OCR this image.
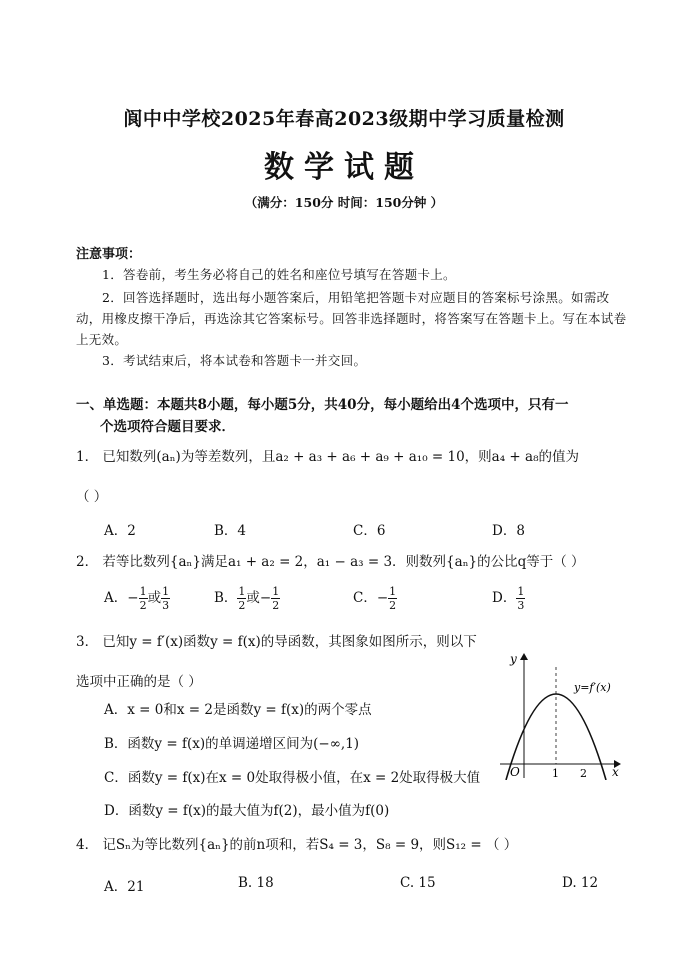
阆中中学校2025年春高2023级期中学习质量检测
数学试题
（满分：150分 时间：150分钟 ）
注意事项：
1．答卷前，考生务必将自己的姓名和座位号填写在答题卡上。
2．回答选择题时，选出每小题答案后，用铅笔把答题卡对应题目的答案标号涂黑。如需改动，用橡皮擦干净后，再选涂其它答案标号。回答非选择题时，将答案写在答题卡上。写在本试卷上无效。
3．考试结束后，将本试卷和答题卡一并交回。
一、单选题：本题共8小题，每小题5分，共40分，每小题给出4个选项中，只有一
个选项符合题目要求．
1． 已知数列(aₙ)为等差数列，且a₂ + a₃ + a₆ + a₉ + a₁₀ = 10，则a₄ + a₈的值为
（ ）
A．2	B．4	C．6	D．8
2． 若等比数列{aₙ}满足a₁ + a₂ = 2，a₁ − a₃ = 3．则数列{aₙ}的公比q等于（ ）
A．− $\frac{1}{2}$ 或 $\frac{1}{3}$	B． $\frac{1}{2}$ 或− $\frac{1}{2}$	C．− $\frac{1}{2}$	D． $\frac{1}{3}$
3． 已知y = f′(x)函数y = f(x)的导函数，其图象如图所示，则以下
选项中正确的是（ ）
A．x = 0和x = 2是函数y = f(x)的两个零点
B．函数y = f(x)的单调递增区间为(−∞,1)
C．函数y = f(x)在x = 0处取得极小值，在x = 2处取得极大值
D．函数y = f(x)的最大值为f(2)，最小值为f(0)
y
x
O	1 2
y=f′(x)
4． 记Sₙ为等比数列{aₙ}的前n项和，若S₄ = 3，S₈ = 9，则S₁₂ = （ ）
A．21	B. 18	C. 15	D. 12
